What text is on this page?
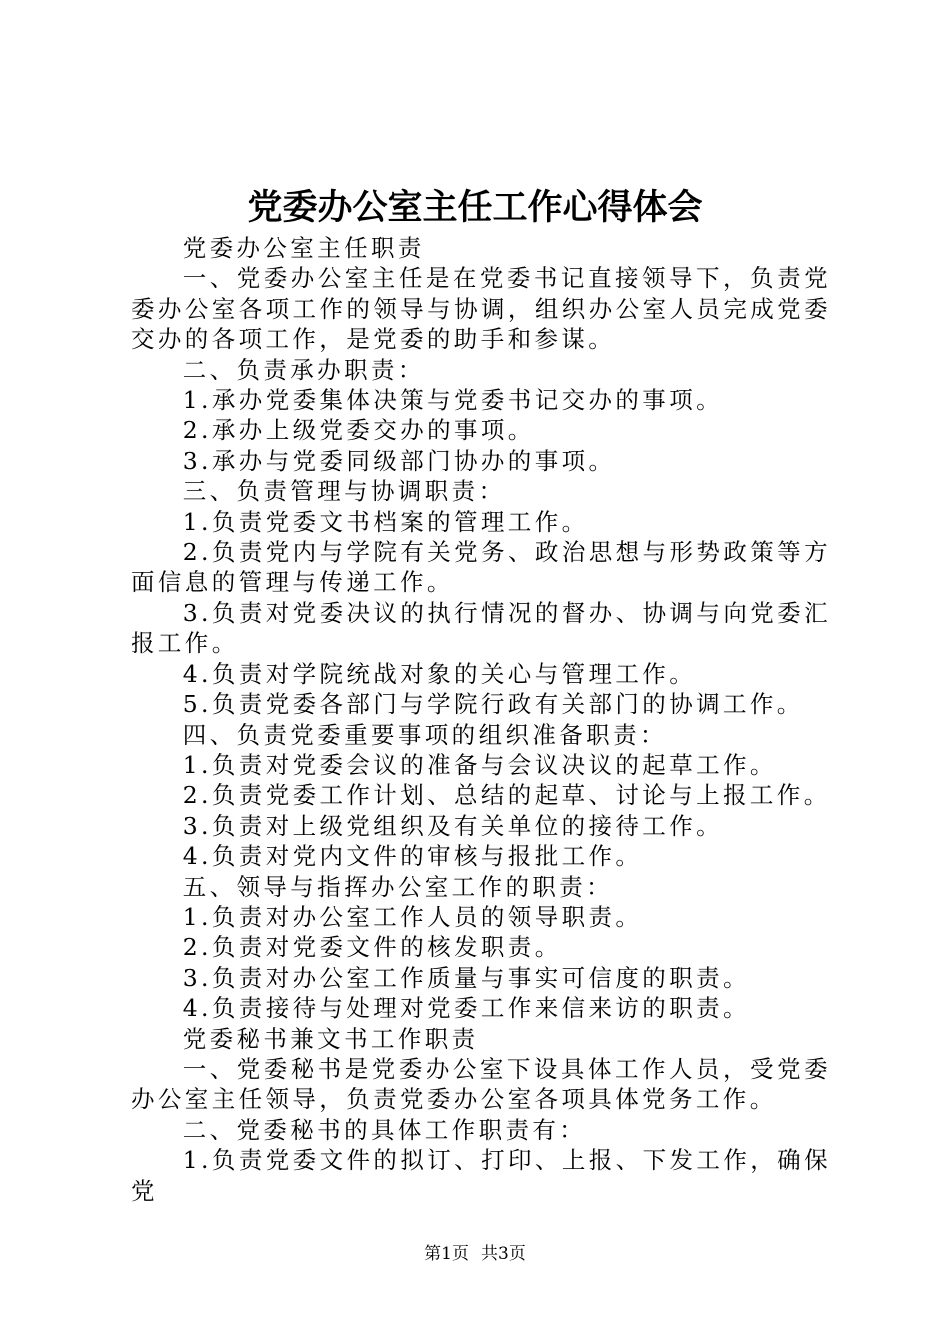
党委办公室主任工作心得体会

党委办公室主任职责

一、党委办公室主任是在党委书记直接领导下，负责党委办公室各项工作的领导与协调，组织办公室人员完成党委交办的各项工作，是党委的助手和参谋。

二、负责承办职责：

1.承办党委集体决策与党委书记交办的事项。

2.承办上级党委交办的事项。

3.承办与党委同级部门协办的事项。

三、负责管理与协调职责：

1.负责党委文书档案的管理工作。

2.负责党内与学院有关党务、政治思想与形势政策等方面信息的管理与传递工作。

3.负责对党委决议的执行情况的督办、协调与向党委汇报工作。

4.负责对学院统战对象的关心与管理工作。

5.负责党委各部门与学院行政有关部门的协调工作。

四、负责党委重要事项的组织准备职责：

1.负责对党委会议的准备与会议决议的起草工作。

2.负责党委工作计划、总结的起草、讨论与上报工作。

3.负责对上级党组织及有关单位的接待工作。

4.负责对党内文件的审核与报批工作。

五、领导与指挥办公室工作的职责：

1.负责对办公室工作人员的领导职责。

2.负责对党委文件的核发职责。

3.负责对办公室工作质量与事实可信度的职责。

4.负责接待与处理对党委工作来信来访的职责。

党委秘书兼文书工作职责

一、党委秘书是党委办公室下设具体工作人员，受党委办公室主任领导，负责党委办公室各项具体党务工作。

二、党委秘书的具体工作职责有：

1.负责党委文件的拟订、打印、上报、下发工作，确保党

第1页 共3页
